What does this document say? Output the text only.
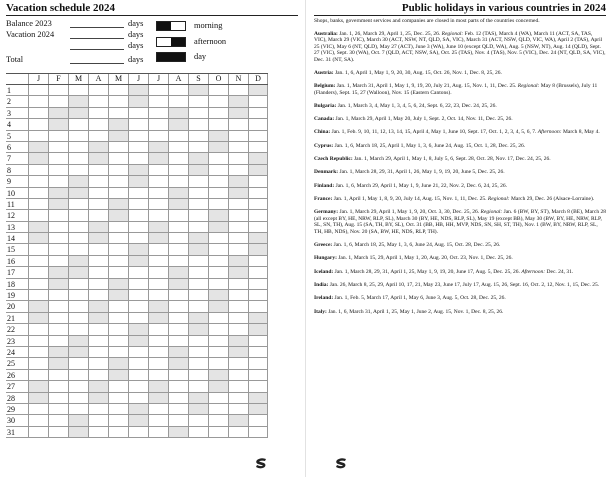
Vacation schedule 2024
Balance 2023	days
Vacation 2024	days
days
Total	days
morning
afternoon
day
J	F	M	A	M	J	J	A	S	O	N	D
1
2
3
4
5
6
7
8
9
10
11
12
13
14
15
16
17
18
19
20
21
22
23
24
25
26
27
28
29
30
31
Public holidays in various countries in 2024

Shops, banks, government services and companies are closed in most parts of the countries concerned.

Australia: Jan. 1, 26, March 29, April 1, 25, Dec. 25, 26. Regional: Feb. 12 (TAS), March 4 (WA), March 11 (ACT, SA, TAS, VIC), March 29 (VIC), March 30 (ACT, NSW, NT, QLD, SA, VIC), March 31 (ACT, NSW, QLD, VIC, WA), April 2 (TAS), April 25 (VIC), May 6 (NT, QLD), May 27 (ACT), June 3 (WA), June 10 (except QLD, WA), Aug. 5 (NSW, NT), Aug. 14 (QLD), Sept. 27 (VIC), Sept. 30 (WA), Oct. 7 (QLD, ACT, NSW, SA), Oct. 25 (TAS), Nov. 4 (TAS), Nov. 5 (VIC), Dec. 24 (NT, QLD, SA, VIC), Dec. 31 (NT, SA).

Austria: Jan. 1, 6, April 1, May 1, 9, 20, 30, Aug. 15, Oct. 26, Nov. 1, Dec. 8, 25, 26.

Belgium: Jan. 1, March 31, April 1, May 1, 9, 19, 20, July 21, Aug. 15, Nov. 1, 11, Dec. 25. Regional: May 8 (Brussels), July 11 (Flanders), Sept. 15, 27 (Walloon), Nov. 15 (Eastern Cantons).

Bulgaria: Jan. 1, March 3, 4, May 1, 3, 4, 5, 6, 24, Sept. 6, 22, 23, Dec. 24, 25, 26.

Canada: Jan. 1, March 29, April 1, May 20, July 1, Sept. 2, Oct. 14, Nov. 11, Dec. 25, 26.

China: Jan. 1, Feb. 9, 10, 11, 12, 13, 14, 15, April 4, May 1, June 10, Sept. 17, Oct. 1, 2, 3, 4, 5, 6, 7. Afternoon: March 8, May 4.

Cyprus: Jan. 1, 6, March 18, 25, April 1, May 1, 3, 6, June 24, Aug. 15, Oct. 1, 28, Dec. 25, 26.

Czech Republic: Jan. 1, March 29, April 1, May 1, 8, July 5, 6, Sept. 28, Oct. 28, Nov. 17, Dec. 24, 25, 26.

Denmark: Jan. 1, March 28, 29, 31, April 1, 26, May 1, 9, 19, 20, June 5, Dec. 25, 26.

Finland: Jan. 1, 6, March 29, April 1, May 1, 9, June 21, 22, Nov. 2, Dec. 6, 24, 25, 26.

France: Jan. 1, April 1, May 1, 8, 9, 20, July 14, Aug. 15, Nov. 1, 11, Dec. 25. Regional: March 29, Dec. 26 (Alsace-Lorraine).

Germany: Jan. 1, March 29, April 1, May 1, 9, 20, Oct. 3, 30, Dec. 25, 26. Regional: Jan. 6 (BW, BY, ST), March 8 (BE), March 28 (all except BY, HE, NRW, RLP, SL), March 30 (BY, HE, NDS, RLP, SL), May 19 (except BB), May 30 (BW, BY, HE, NRW, RLP, SL, SN, TH), Aug. 15 (SA, TH, BY, SL), Oct. 31 (BB, HB, HH, MVP, NDS, SN, SH, ST, TH), Nov. 1 (BW, BY, NRW, RLP, SL, TH, HB, NDS), Nov. 20 (SA, BW, HE, NDS, RLP, TH).

Greece: Jan. 1, 6, March 18, 25, May 1, 3, 6, June 24, Aug. 15, Oct. 28, Dec. 25, 26.

Hungary: Jan. 1, March 15, 29, April 1, May 1, 20, Aug. 20, Oct. 23, Nov. 1, Dec. 25, 26.

Iceland: Jan. 1, March 28, 29, 31, April 1, 25, May 1, 9, 19, 20, June 17, Aug. 5, Dec. 25, 26. Afternoon: Dec. 24, 31.

India: Jan. 26, March 8, 25, 29, April 10, 17, 21, May 23, June 17, July 17, Aug. 15, 26, Sept. 16, Oct. 2, 12, Nov. 1, 15, Dec. 25.

Ireland: Jan. 1, Feb. 5, March 17, April 1, May 6, June 3, Aug. 5, Oct. 28, Dec. 25, 26.

Italy: Jan. 1, 6, March 31, April 1, 25, May 1, June 2, Aug. 15, Nov. 1, Dec. 8, 25, 26.
